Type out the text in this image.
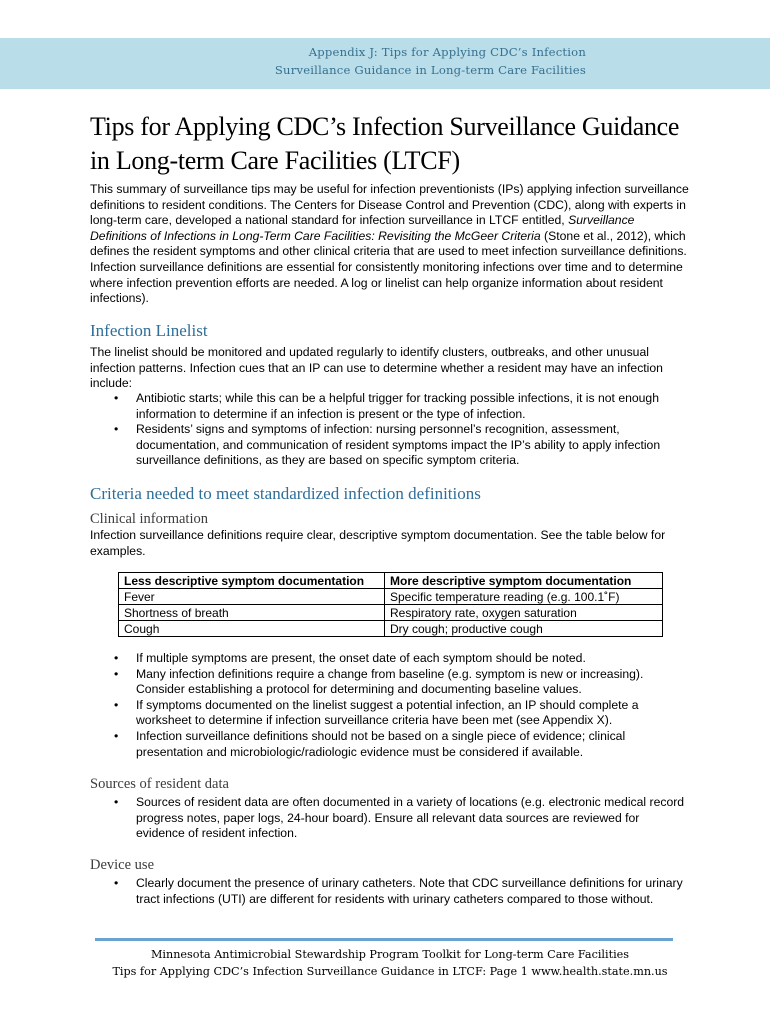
Appendix J: Tips for Applying CDC’s Infection
Surveillance Guidance in Long-term Care Facilities
Tips for Applying CDC’s Infection Surveillance Guidance in Long-term Care Facilities (LTCF)

This summary of surveillance tips may be useful for infection preventionists (IPs) applying infection surveillance definitions to resident conditions. The Centers for Disease Control and Prevention (CDC), along with experts in long-term care, developed a national standard for infection surveillance in LTCF entitled, Surveillance Definitions of Infections in Long-Term Care Facilities: Revisiting the McGeer Criteria (Stone et al., 2012), which defines the resident symptoms and other clinical criteria that are used to meet infection surveillance definitions. Infection surveillance definitions are essential for consistently monitoring infections over time and to determine where infection prevention efforts are needed. A log or linelist can help organize information about resident infections).

Infection Linelist

The linelist should be monitored and updated regularly to identify clusters, outbreaks, and other unusual infection patterns. Infection cues that an IP can use to determine whether a resident may have an infection include:

• Antibiotic starts; while this can be a helpful trigger for tracking possible infections, it is not enough information to determine if an infection is present or the type of infection.
• Residents’ signs and symptoms of infection: nursing personnel’s recognition, assessment, documentation, and communication of resident symptoms impact the IP’s ability to apply infection surveillance definitions, as they are based on specific symptom criteria.
Criteria needed to meet standardized infection definitions
Clinical information

Infection surveillance definitions require clear, descriptive symptom documentation. See the table below for examples.

Less descriptive symptom documentation	More descriptive symptom documentation
Fever	Specific temperature reading (e.g. 100.1˚F)
Shortness of breath	Respiratory rate, oxygen saturation
Cough	Dry cough; productive cough
• If multiple symptoms are present, the onset date of each symptom should be noted.
• Many infection definitions require a change from baseline (e.g. symptom is new or increasing). Consider establishing a protocol for determining and documenting baseline values.
• If symptoms documented on the linelist suggest a potential infection, an IP should complete a worksheet to determine if infection surveillance criteria have been met (see Appendix X).
• Infection surveillance definitions should not be based on a single piece of evidence; clinical presentation and microbiologic/radiologic evidence must be considered if available.
Sources of resident data
• Sources of resident data are often documented in a variety of locations (e.g. electronic medical record progress notes, paper logs, 24-hour board). Ensure all relevant data sources are reviewed for evidence of resident infection.
Device use
• Clearly document the presence of urinary catheters. Note that CDC surveillance definitions for urinary tract infections (UTI) are different for residents with urinary catheters compared to those without.
Minnesota Antimicrobial Stewardship Program Toolkit for Long-term Care Facilities
Tips for Applying CDC’s Infection Surveillance Guidance in LTCF: Page 1 www.health.state.mn.us
